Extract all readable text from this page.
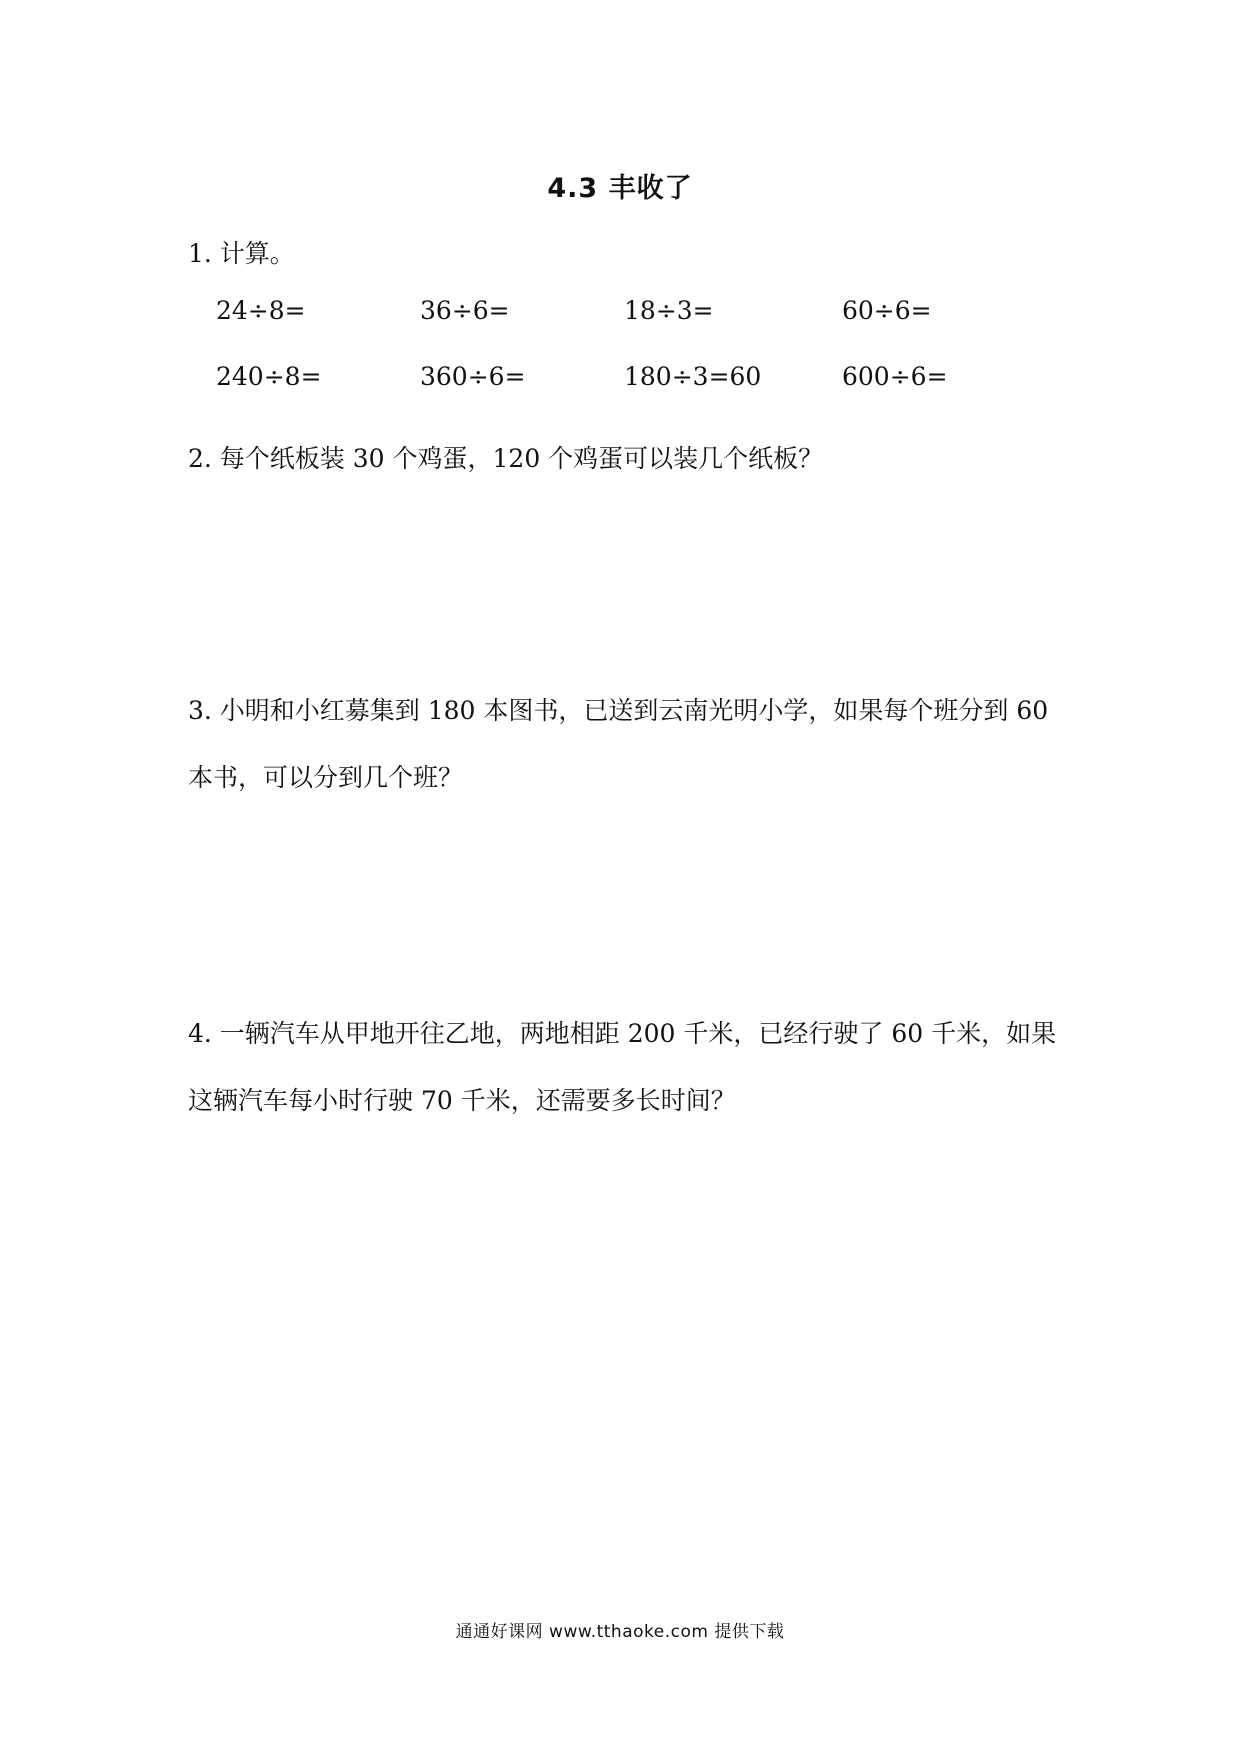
4.3 丰收了
1. 计算。
24÷8=	36÷6=	18÷3=	60÷6=
240÷8=	360÷6=	180÷3=60	600÷6=
2. 每个纸板装 30 个鸡蛋，120 个鸡蛋可以装几个纸板？
3. 小明和小红募集到 180 本图书，已送到云南光明小学，如果每个班分到 60 本书，可以分到几个班？
4. 一辆汽车从甲地开往乙地，两地相距 200 千米，已经行驶了 60 千米，如果这辆汽车每小时行驶 70 千米，还需要多长时间？
通通好课网 www.tthaoke.com 提供下载
